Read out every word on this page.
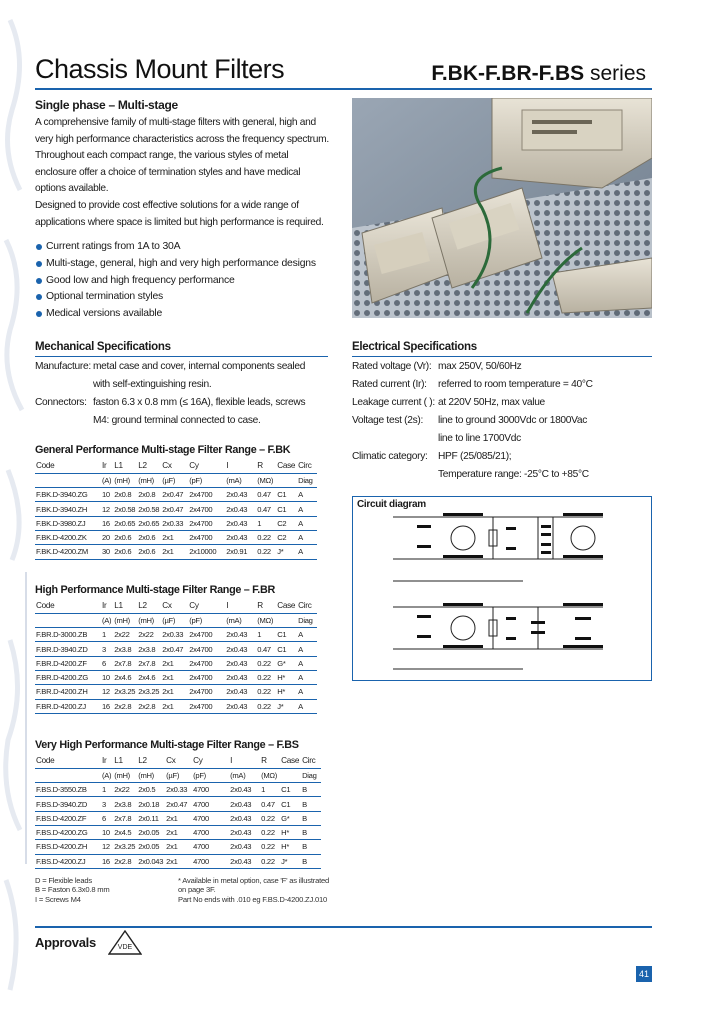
Chassis Mount Filters	F.BK-F.BR-F.BS series
Single phase – Multi-stage
A comprehensive family of multi-stage filters with general, high and
very high performance characteristics across the frequency spectrum.
Throughout each compact range, the various styles of metal
enclosure offer a choice of termination styles and have medical
options available.
Designed to provide cost effective solutions for a wide range of
applications where space is limited but high performance is required.
Current ratings from 1A to 30A
Multi-stage, general, high and very high performance designs
Good low and high frequency performance
Optional termination styles
Medical versions available
Mechanical Specifications
Manufacture: metal case and cover, internal components sealed
with self-extinguishing resin.
Connectors: faston 6.3 x 0.8 mm (≤ 16A), flexible leads, screws
M4: ground terminal connected to case.
Electrical Specifications
Rated voltage (Vr): max 250V, 50/60Hz
Rated current (Ir):	referred to room temperature = 40°C
Leakage current ( ): at 220V 50Hz, max value
Voltage test (2s):	line to ground 3000Vdc or 1800Vac
line to line 1700Vdc
Climatic category:	HPF (25/085/21);
Temperature range: -25°C to +85°C
Circuit diagram
General Performance Multi-stage Filter Range – F.BK
Code	Ir	L1	L2	Cx	Cy	I	R	Case	Circ
	(A)	(mH)	(mH)	(µF)	(pF)	(mA)	(MΩ)		Diag
F.BK.D-3940.ZG	10	2x0.8	2x0.8	2x0.47	2x4700	2x0.43	0.47	C1	A
F.BK.D-3940.ZH	12	2x0.58	2x0.58	2x0.47	2x4700	2x0.43	0.47	C1	A
F.BK.D-3980.ZJ	16	2x0.65	2x0.65	2x0.33	2x4700	2x0.43	1	C2	A
F.BK.D-4200.ZK	20	2x0.6	2x0.6	2x1	2x4700	2x0.43	0.22	C2	A
F.BK.D-4200.ZM	30	2x0.6	2x0.6	2x1	2x10000	2x0.91	0.22	J*	A
High Performance Multi-stage Filter Range – F.BR
Code	Ir	L1	L2	Cx	Cy	I	R	Case	Circ
	(A)	(mH)	(mH)	(µF)	(pF)	(mA)	(MΩ)		Diag
F.BR.D-3000.ZB	1	2x22	2x22	2x0.33	2x4700	2x0.43	1	C1	A
F.BR.D-3940.ZD	3	2x3.8	2x3.8	2x0.47	2x4700	2x0.43	0.47	C1	A
F.BR.D-4200.ZF	6	2x7.8	2x7.8	2x1	2x4700	2x0.43	0.22	G*	A
F.BR.D-4200.ZG	10	2x4.6	2x4.6	2x1	2x4700	2x0.43	0.22	H*	A
F.BR.D-4200.ZH	12	2x3.25	2x3.25	2x1	2x4700	2x0.43	0.22	H*	A
F.BR.D-4200.ZJ	16	2x2.8	2x2.8	2x1	2x4700	2x0.43	0.22	J*	A
Very High Performance Multi-stage Filter Range – F.BS
Code	Ir	L1	L2	Cx	Cy	I	R	Case	Circ
	(A)	(mH)	(mH)	(µF)	(pF)	(mA)	(MΩ)		Diag
F.BS.D-3550.ZB	1	2x22	2x0.5	2x0.33	4700	2x0.43	1	C1	B
F.BS.D-3940.ZD	3	2x3.8	2x0.18	2x0.47	4700	2x0.43	0.47	C1	B
F.BS.D-4200.ZF	6	2x7.8	2x0.11	2x1	4700	2x0.43	0.22	G*	B
F.BS.D-4200.ZG	10	2x4.5	2x0.05	2x1	4700	2x0.43	0.22	H*	B
F.BS.D-4200.ZH	12	2x3.25	2x0.05	2x1	4700	2x0.43	0.22	H*	B
F.BS.D-4200.ZJ	16	2x2.8	2x0.043	2x1	4700	2x0.43	0.22	J*	B
D = Flexible leads
B = Faston 6.3x0.8 mm
I = Screws M4
* Available in metal option, case 'F' as illustrated
on page 3F.
Part No ends with .010 eg F.BS.D-4200.ZJ.010
Approvals	VDE
41
